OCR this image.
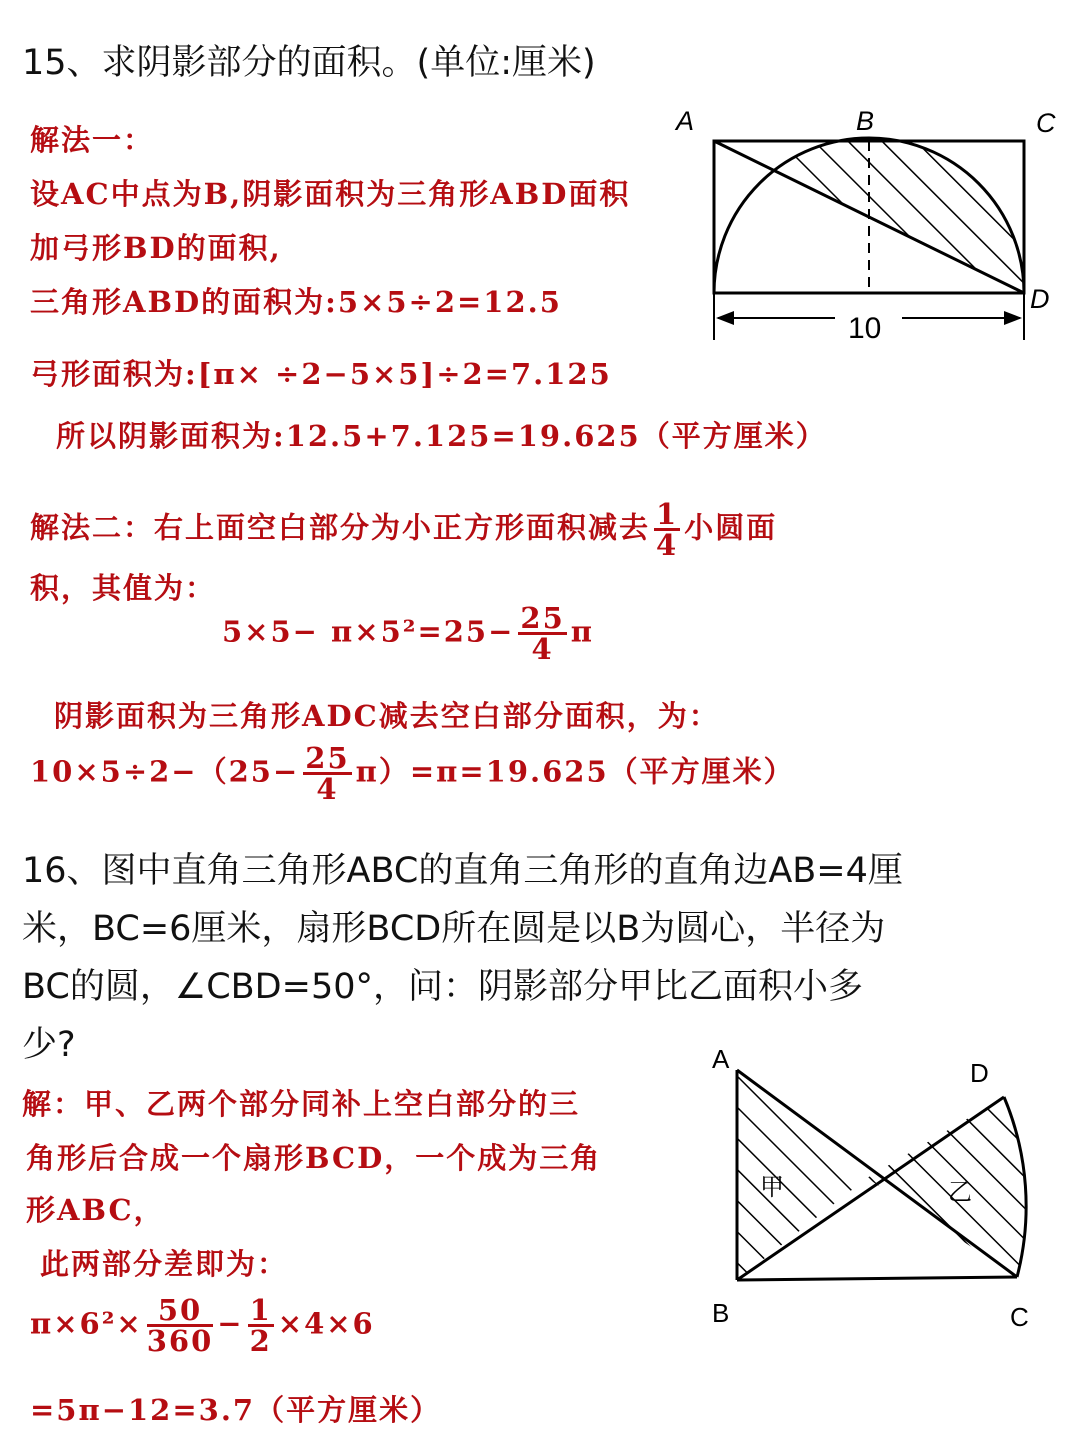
15、求阴影部分的面积。(单位:厘米)
A	B	C
D
10
解法一：
设AC中点为B,阴影面积为三角形ABD面积
加弓形BD的面积,
三角形ABD的面积为:5×5÷2=12.5
弓形面积为:[π× ÷2−5×5]÷2=7.125
所以阴影面积为:12.5+7.125=19.625（平方厘米）
解法二：右上面空白部分为小正方形面积减去 $\frac{1}{4}$ 小圆面
积，其值为：
$5\times 5- \pi\times 5^2=25- \frac{25}{4}$ π
阴影面积为三角形ADC减去空白部分面积，为：
$10\times 5\div 2-(25- \frac{25}{4} \pi)=\pi=19.625$（平方厘米）
16、图中直角三角形ABC的直角三角形的直角边AB=4厘
米，BC=6厘米，扇形BCD所在圆是以B为圆心，半径为
BC的圆，∠CBD=50°，问：阴影部分甲比乙面积小多
少?	A	D
B	C
甲	乙
解：甲、乙两个部分同补上空白部分的三
角形后合成一个扇形BCD，一个成为三角
形ABC，
此两部分差即为：
$\pi\times 6^2\times \frac{50}{360} - \frac{1}{2} \times 4\times 6$
=5π−12=3.7（平方厘米）
